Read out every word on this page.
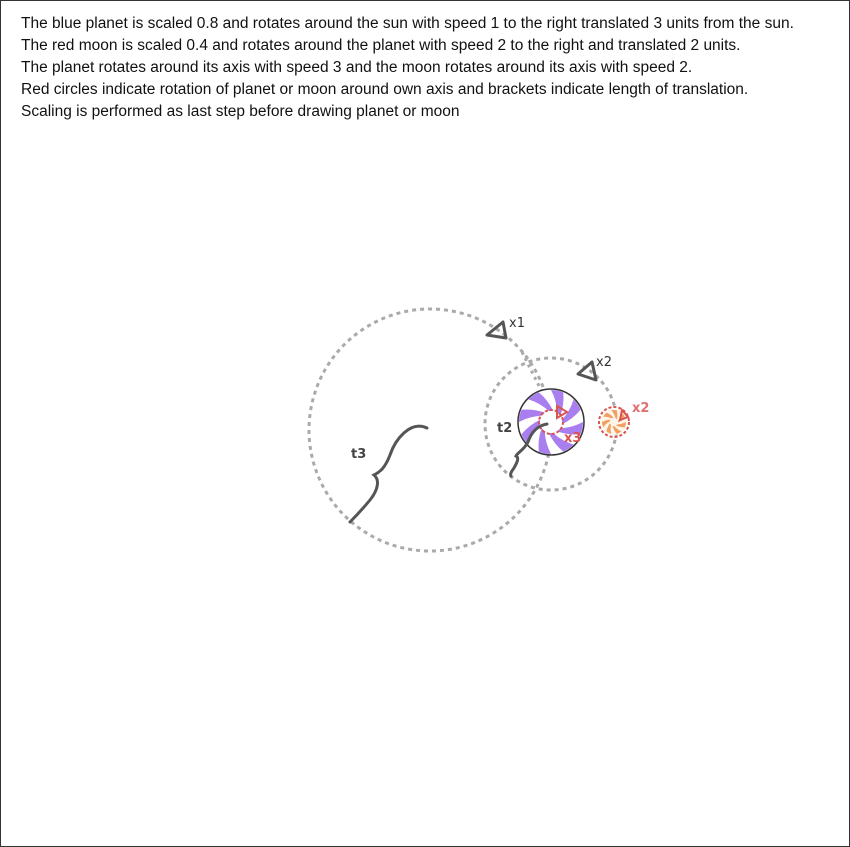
The blue planet is scaled 0.8 and rotates around the sun with speed 1 to the right translated 3 units from the sun.
The red moon is scaled 0.4 and rotates around the planet with speed 2 to the right and translated 2 units.
The planet rotates around its axis with speed 3 and the moon rotates around its axis with speed 2.
Red circles indicate rotation of planet or moon around own axis and brackets indicate length of translation.
Scaling is performed as last step before drawing planet or moon
x1
x2
x2
x3
t3
t2
